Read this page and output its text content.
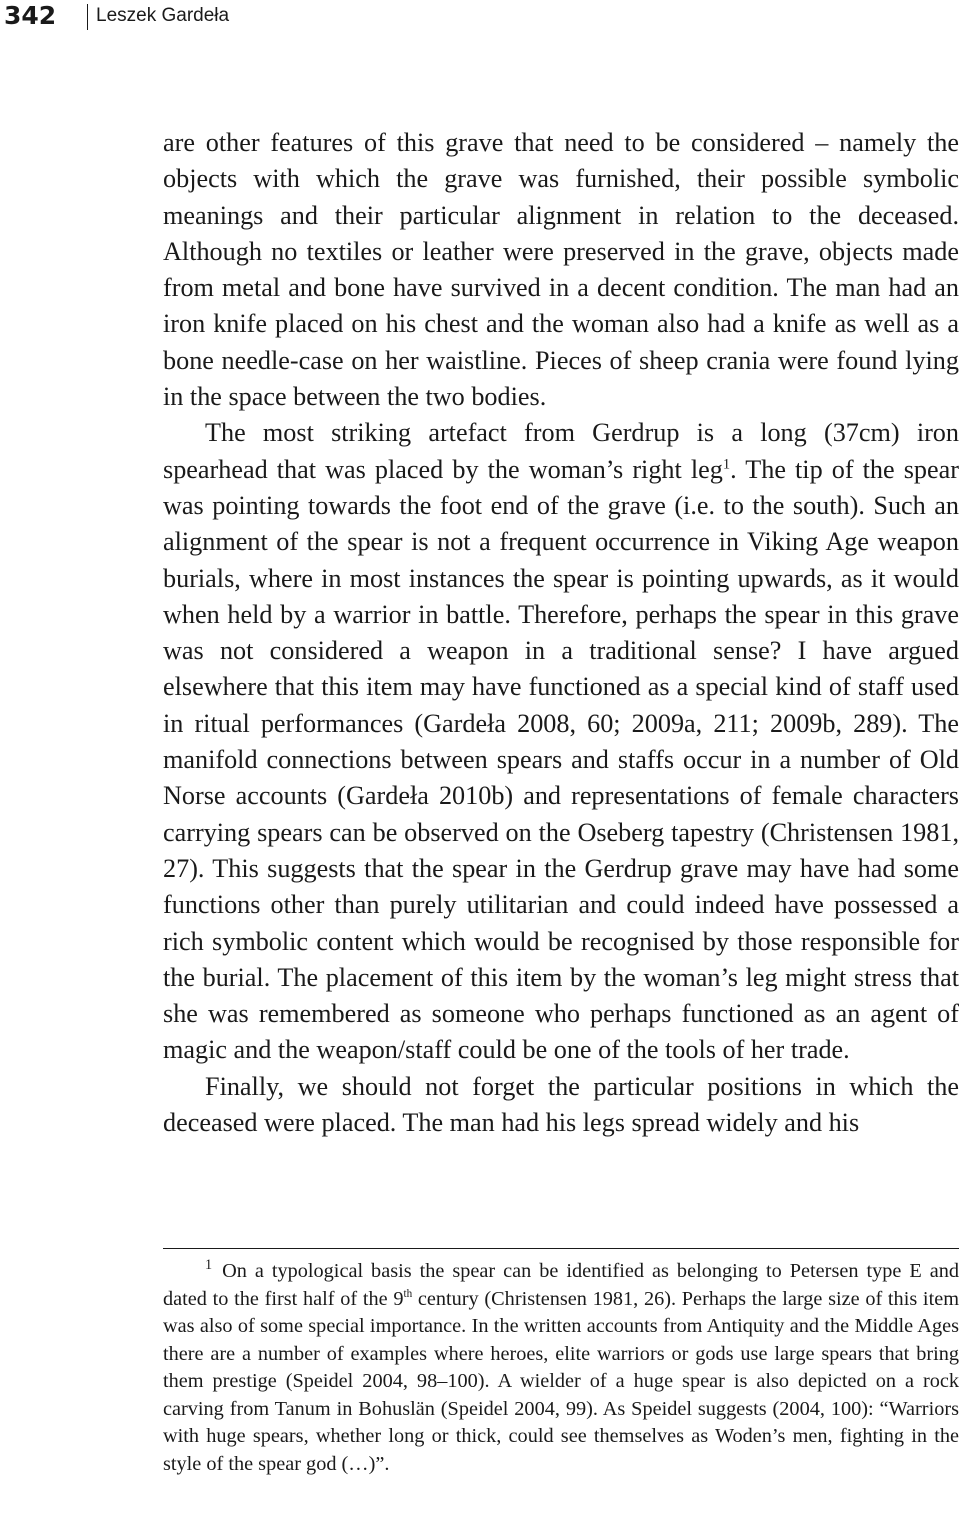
342 Leszek Gardeła

are other features of this grave that need to be considered – namely the objects with which the grave was furnished, their possible symbolic meanings and their particular alignment in relation to the deceased. Although no textiles or leather were preserved in the grave, objects made from metal and bone have survived in a decent condition. The man had an iron knife placed on his chest and the woman also had a knife as well as a bone needle-case on her waistline. Pieces of sheep crania were found lying in the space between the two bodies.

The most striking artefact from Gerdrup is a long (37cm) iron spearhead that was placed by the woman’s right leg$^1$. The tip of the spear was pointing towards the foot end of the grave (i.e. to the south). Such an alignment of the spear is not a frequent occurrence in Viking Age weapon burials, where in most instances the spear is pointing upwards, as it would when held by a warrior in battle. Therefore, perhaps the spear in this grave was not considered a weapon in a traditional sense? I have argued elsewhere that this item may have functioned as a special kind of staff used in ritual performances (Gardeła 2008, 60; 2009a, 211; 2009b, 289). The manifold connections between spears and staffs occur in a number of Old Norse accounts (Gardeła 2010b) and representations of female characters carrying spears can be observed on the Oseberg tapestry (Christensen 1981, 27). This suggests that the spear in the Gerdrup grave may have had some functions other than purely utilitarian and could indeed have possessed a rich symbolic content which would be recognised by those responsible for the burial. The placement of this item by the woman’s leg might stress that she was remembered as someone who perhaps functioned as an agent of magic and the weapon/staff could be one of the tools of her trade.

Finally, we should not forget the particular positions in which the deceased were placed. The man had his legs spread widely and his

$^1$ On a typological basis the spear can be identified as belonging to Petersen type E and dated to the first half of the 9th century (Christensen 1981, 26). Perhaps the large size of this item was also of some special importance. In the written accounts from Antiquity and the Middle Ages there are a number of examples where heroes, elite warriors or gods use large spears that bring them prestige (Speidel 2004, 98–100). A wielder of a huge spear is also depicted on a rock carving from Tanum in Bohuslän (Speidel 2004, 99). As Speidel suggests (2004, 100): “Warriors with huge spears, whether long or thick, could see themselves as Woden’s men, fighting in the style of the spear god (…)”.
